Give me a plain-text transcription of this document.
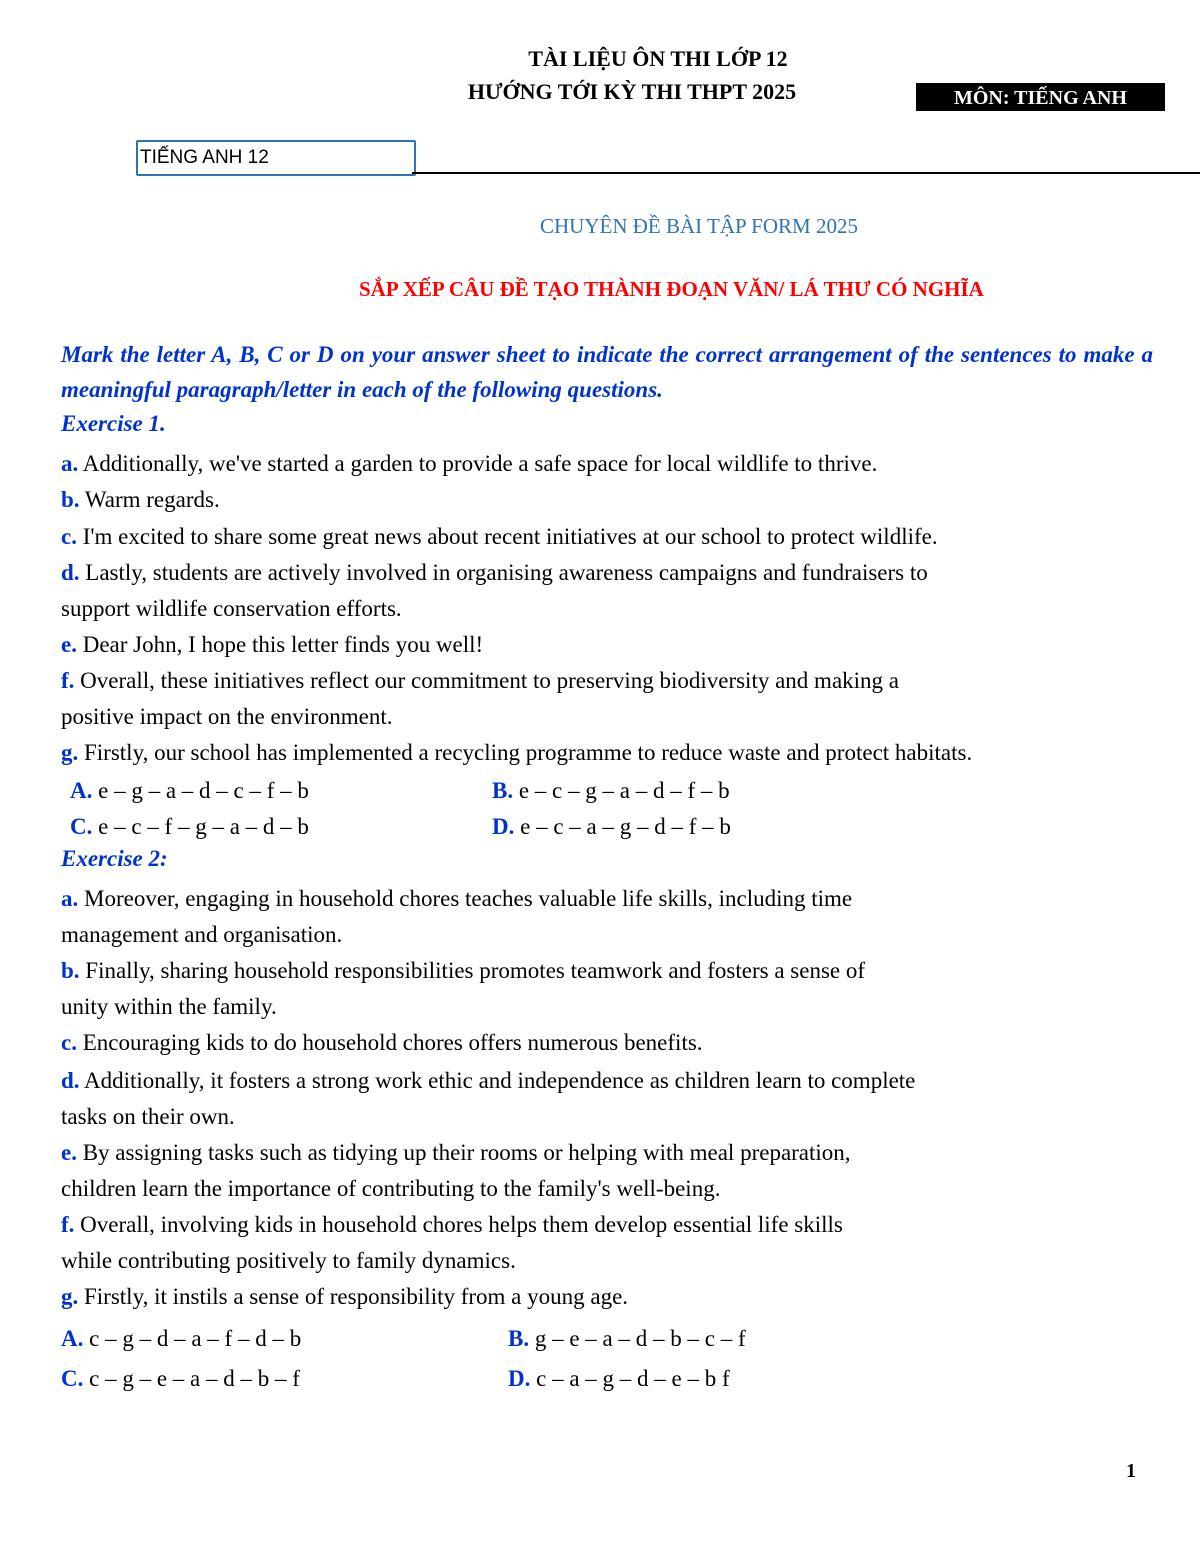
TÀI LIỆU ÔN THI LỚP 12
HƯỚNG TỚI KỲ THI THPT 2025	MÔN: TIẾNG ANH
TIẾNG ANH 12
CHUYÊN ĐỀ BÀI TẬP FORM 2025
SẮP XẾP CÂU ĐỀ TẠO THÀNH ĐOẠN VĂN/ LÁ THƯ CÓ NGHĨA
Mark the letter A, B, C or D on your answer sheet to indicate the correct arrangement of the sentences to make a meaningful paragraph/letter in each of the following questions.
Exercise 1.
a. Additionally, we've started a garden to provide a safe space for local wildlife to thrive.
b. Warm regards.
c. I'm excited to share some great news about recent initiatives at our school to protect wildlife.
d. Lastly, students are actively involved in organising awareness campaigns and fundraisers to
support wildlife conservation efforts.
e. Dear John, I hope this letter finds you well!
f. Overall, these initiatives reflect our commitment to preserving biodiversity and making a
positive impact on the environment.
g. Firstly, our school has implemented a recycling programme to reduce waste and protect habitats.
A. e – g – a – d – c – f – b	B. e – c – g – a – d – f – b
C. e – c – f – g – a – d – b	D. e – c – a – g – d – f – b
Exercise 2:
a. Moreover, engaging in household chores teaches valuable life skills, including time
management and organisation.
b. Finally, sharing household responsibilities promotes teamwork and fosters a sense of
unity within the family.
c. Encouraging kids to do household chores offers numerous benefits.
d. Additionally, it fosters a strong work ethic and independence as children learn to complete
tasks on their own.
e. By assigning tasks such as tidying up their rooms or helping with meal preparation,
children learn the importance of contributing to the family's well-being.
f. Overall, involving kids in household chores helps them develop essential life skills
while contributing positively to family dynamics.
g. Firstly, it instils a sense of responsibility from a young age.
A. c – g – d – a – f – d – b	B. g – e – a – d – b – c – f
C. c – g – e – a – d – b – f	D. c – a – g – d – e – b f
1
